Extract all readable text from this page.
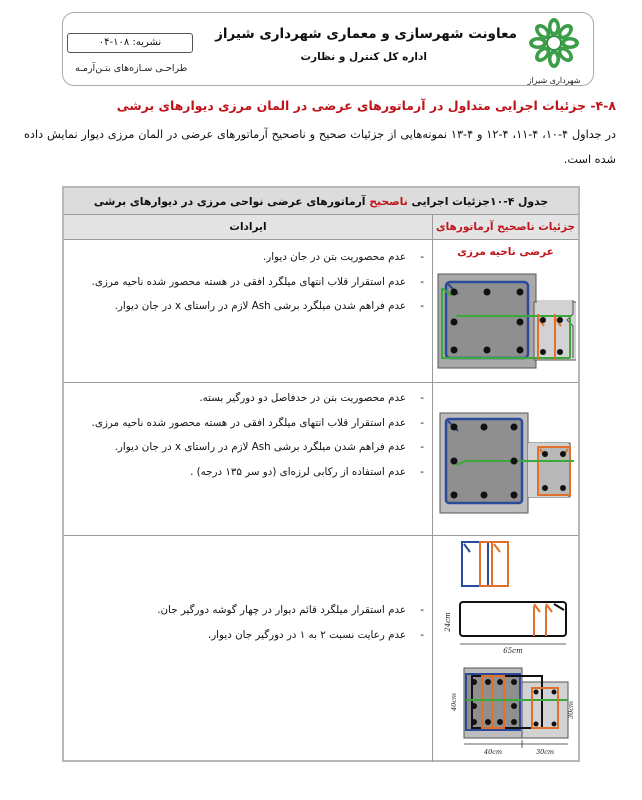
شهرداری شیراز
معاونت شهرسازی و معماری شهرداری شیراز
اداره کل کنترل و نظارت
نشریه: ۰۴-۱۰۸
طراحـی سـازه‌های بتـن‌آرمـه
۴-۸- جزئیات اجرایی متداول در آرماتورهای عرضی در المان مرزی دیوارهای برشی
در جداول ۴-۱۰، ۴-۱۱، ۴-۱۲ و ۴-۱۳ نمونه‌هایی از جزئیات صحیح و ناصحیح آرماتورهای عرضی در المان مرزی دیوار نمایش داده شده است.
جدول ۴-۱۰جزئیات اجرایی ناصحیح آرماتورهای عرضی نواحی مرزی در دیوارهای برشی
جزئیات ناصحیح آرماتورهای عرضی ناحیه مرزی
ایرادات
-
عدم محصوریت بتن در جان دیوار.
-
عدم استقرار قلاب انتهای میلگرد افقی در هسته محصور شده ناحیه مرزی.
-
عدم فراهم شدن میلگرد برشی Ash لازم در راستای x در جان دیوار.
-
عدم محصوریت بتن در حدفاصل دو دورگیر بسته.
-
عدم استقرار قلاب انتهای میلگرد افقی در هسته محصور شده ناحیه مرزی.
-
عدم فراهم شدن میلگرد برشی Ash لازم در راستای x در جان دیوار.
-
عدم استفاده از رکابی لرزه‌ای (دو سر ۱۳۵ درجه) .
-
عدم استقرار میلگرد قائم دیوار در چهار گوشه دورگیر جان.
-
عدم رعایت نسبت ۲ به ۱ در دورگیر جان دیوار.
24cm
65cm
40cm	30cm
40cm	30cm
